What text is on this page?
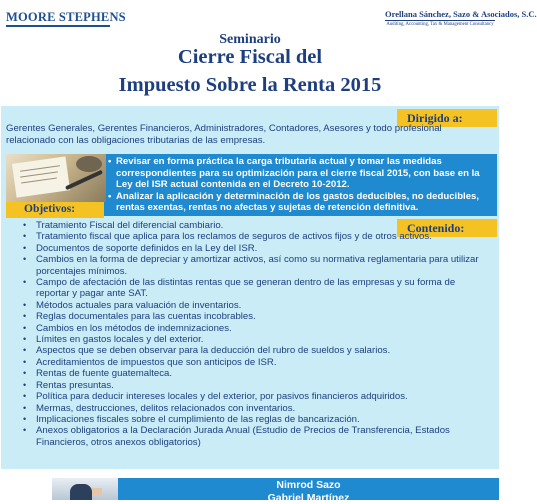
MOORE STEPHENS	Orellana Sánchez, Sazo & Asociados, S.C.
Auditing, Accounting, Tax & Management Consultancy
Seminario
Cierre Fiscal del
Impuesto Sobre la Renta 2015
Dirigido a:
Gerentes Generales, Gerentes Financieros, Administradores, Contadores, Asesores y todo profesional relacionado con las obligaciones tributarias de las empresas.
Objetivos:
• Revisar en forma práctica la carga tributaria actual y tomar las medidas correspondientes para su optimización para el cierre fiscal 2015, con base en la Ley del ISR actual contenida en el Decreto 10-2012.
• Analizar la aplicación y determinación de los gastos deducibles, no deducibles, rentas exentas, rentas no afectas y sujetas de retención definitiva.
Contenido:
• Tratamiento Fiscal del diferencial cambiario.
• Tratamiento fiscal que aplica para los reclamos de seguros de activos fijos y de otros activos.
• Documentos de soporte definidos en la Ley del ISR.
• Cambios en la forma de depreciar y amortizar activos, así como su normativa reglamentaria para utilizar porcentajes mínimos.
• Campo de afectación de las distintas rentas que se generan dentro de las empresas y su forma de reportar y pagar ante SAT.
• Métodos actuales para valuación de inventarios.
• Reglas documentales para las cuentas incobrables.
• Cambios en los métodos de indemnizaciones.
• Límites en gastos locales y del exterior.
• Aspectos que se deben observar para la deducción del rubro de sueldos y salarios.
• Acreditamientos de impuestos que son anticipos de ISR.
• Rentas de fuente guatemalteca.
• Rentas presuntas.
• Política para deducir intereses locales y del exterior, por pasivos financieros adquiridos.
• Mermas, destrucciones, delitos relacionados con inventarios.
• Implicaciones fiscales sobre el cumplimiento de las reglas de bancarización.
• Anexos obligatorios a la Declaración Jurada Anual (Estudio de Precios de Transferencia, Estados Financieros, otros anexos obligatorios)
Nimrod Sazo
Gabriel Martínez
